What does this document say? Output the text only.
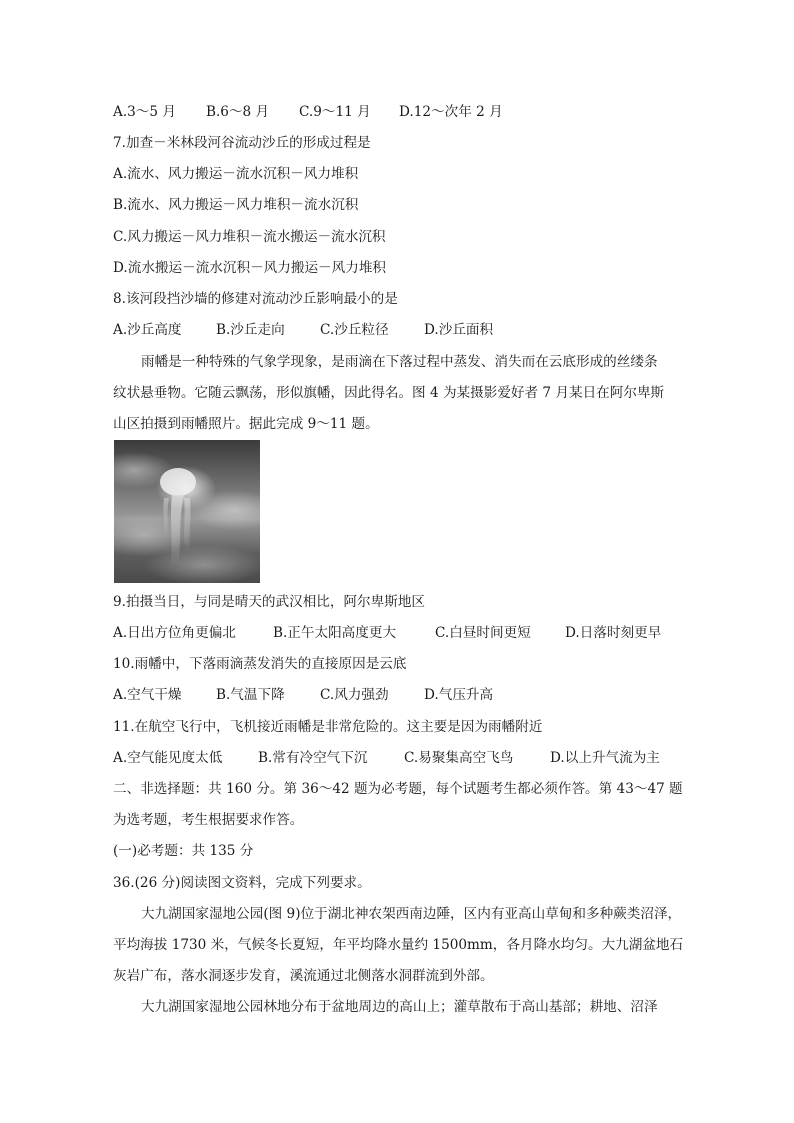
A.3～5 月 B.6～8 月 C.9～11 月 D.12～次年 2 月
7.加查－米林段河谷流动沙丘的形成过程是
A.流水、风力搬运－流水沉积－风力堆积
B.流水、风力搬运－风力堆积－流水沉积
C.风力搬运－风力堆积－流水搬运－流水沉积
D.流水搬运－流水沉积－风力搬运－风力堆积
8.该河段挡沙墙的修建对流动沙丘影响最小的是
A.沙丘高度	B.沙丘走向	C.沙丘粒径	D.沙丘面积
雨幡是一种特殊的气象学现象，是雨滴在下落过程中蒸发、消失而在云底形成的丝缕条
纹状悬垂物。它随云飘荡，形似旗幡，因此得名。图 4 为某摄影爱好者 7 月某日在阿尔卑斯
山区拍摄到雨幡照片。据此完成 9～11 题。
9.拍摄当日，与同是晴天的武汉相比，阿尔卑斯地区
A.日出方位角更偏北	B.正午太阳高度更大	C.白昼时间更短	D.日落时刻更早
10.雨幡中，下落雨滴蒸发消失的直接原因是云底
A.空气干燥	B.气温下降	C.风力强劲	D.气压升高
11.在航空飞行中，飞机接近雨幡是非常危险的。这主要是因为雨幡附近
A.空气能见度太低	B.常有冷空气下沉	C.易聚集高空飞鸟	D.以上升气流为主
二、非选择题：共 160 分。第 36～42 题为必考题，每个试题考生都必须作答。第 43～47 题
为选考题，考生根据要求作答。
(一)必考题：共 135 分
36.(26 分)阅读图文资料，完成下列要求。
大九湖国家湿地公园(图 9)位于湖北神农架西南边陲，区内有亚高山草甸和多种蕨类沼泽，
平均海拔 1730 米，气候冬长夏短，年平均降水量约 1500mm，各月降水均匀。大九湖盆地石
灰岩广布，落水洞逐步发育，溪流通过北侧落水洞群流到外部。
大九湖国家湿地公园林地分布于盆地周边的高山上；灌草散布于高山基部；耕地、沼泽
